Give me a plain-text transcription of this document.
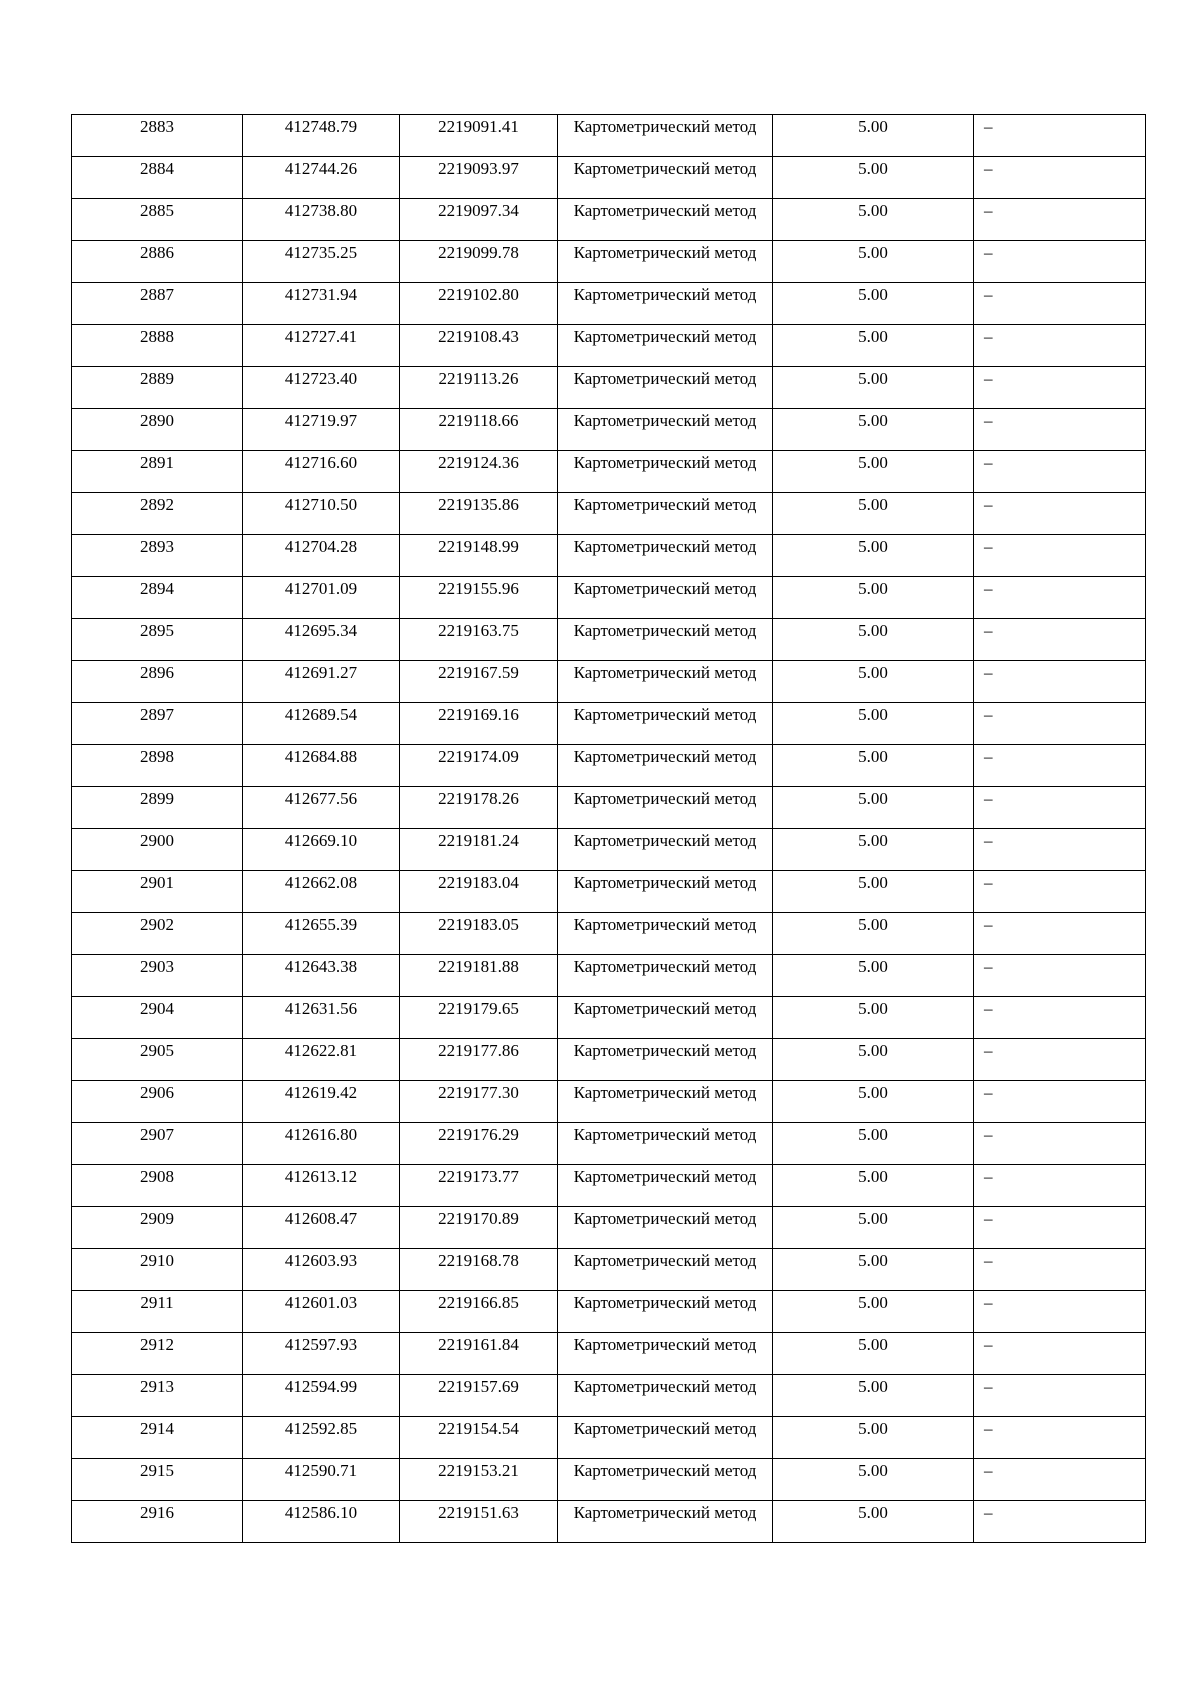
2883	412748.79	2219091.41	Картометрический метод	5.00	–

2884	412744.26	2219093.97	Картометрический метод	5.00	–

2885	412738.80	2219097.34	Картометрический метод	5.00	–

2886	412735.25	2219099.78	Картометрический метод	5.00	–

2887	412731.94	2219102.80	Картометрический метод	5.00	–

2888	412727.41	2219108.43	Картометрический метод	5.00	–

2889	412723.40	2219113.26	Картометрический метод	5.00	–

2890	412719.97	2219118.66	Картометрический метод	5.00	–

2891	412716.60	2219124.36	Картометрический метод	5.00	–

2892	412710.50	2219135.86	Картометрический метод	5.00	–

2893	412704.28	2219148.99	Картометрический метод	5.00	–

2894	412701.09	2219155.96	Картометрический метод	5.00	–

2895	412695.34	2219163.75	Картометрический метод	5.00	–

2896	412691.27	2219167.59	Картометрический метод	5.00	–

2897	412689.54	2219169.16	Картометрический метод	5.00	–

2898	412684.88	2219174.09	Картометрический метод	5.00	–

2899	412677.56	2219178.26	Картометрический метод	5.00	–

2900	412669.10	2219181.24	Картометрический метод	5.00	–

2901	412662.08	2219183.04	Картометрический метод	5.00	–

2902	412655.39	2219183.05	Картометрический метод	5.00	–

2903	412643.38	2219181.88	Картометрический метод	5.00	–

2904	412631.56	2219179.65	Картометрический метод	5.00	–

2905	412622.81	2219177.86	Картометрический метод	5.00	–

2906	412619.42	2219177.30	Картометрический метод	5.00	–

2907	412616.80	2219176.29	Картометрический метод	5.00	–

2908	412613.12	2219173.77	Картометрический метод	5.00	–

2909	412608.47	2219170.89	Картометрический метод	5.00	–

2910	412603.93	2219168.78	Картометрический метод	5.00	–

2911	412601.03	2219166.85	Картометрический метод	5.00	–

2912	412597.93	2219161.84	Картометрический метод	5.00	–

2913	412594.99	2219157.69	Картометрический метод	5.00	–

2914	412592.85	2219154.54	Картометрический метод	5.00	–

2915	412590.71	2219153.21	Картометрический метод	5.00	–

2916	412586.10	2219151.63	Картометрический метод	5.00	–
